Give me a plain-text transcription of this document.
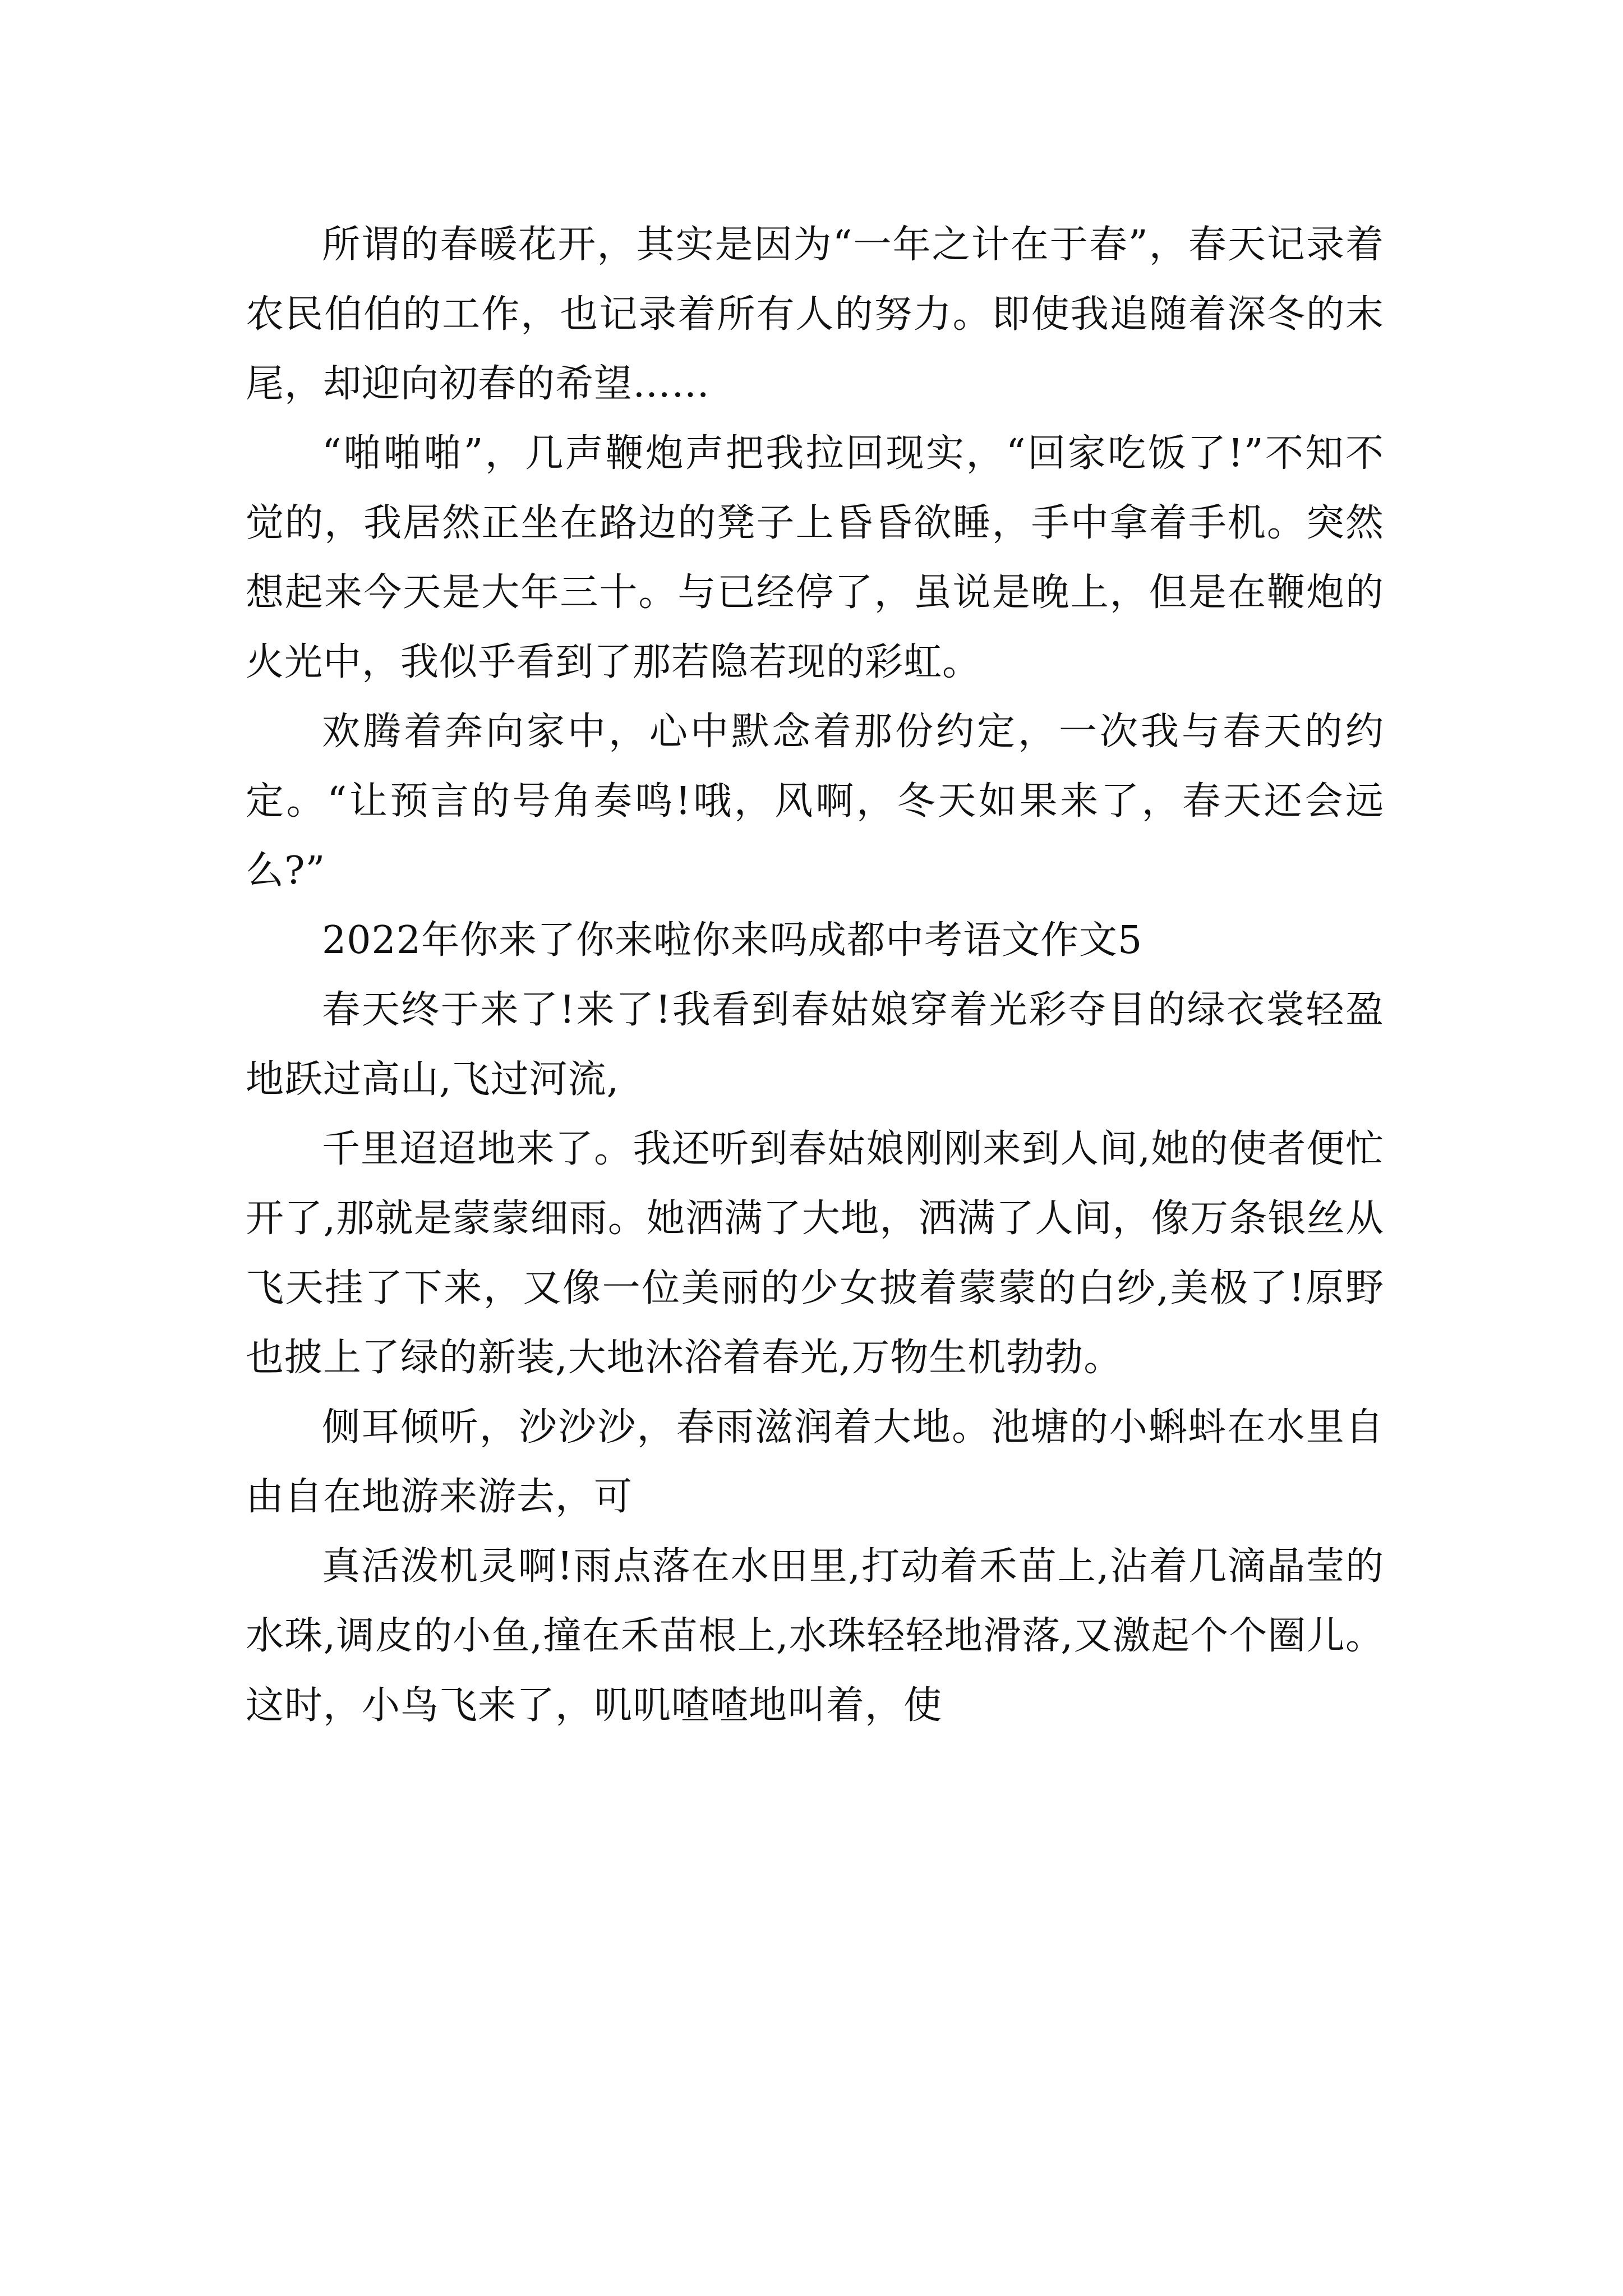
所谓的春暖花开，其实是因为“一年之计在于春”，春天记录着农民伯伯的工作，也记录着所有人的努力。即使我追随着深冬的末尾，却迎向初春的希望……

“啪啪啪”，几声鞭炮声把我拉回现实，“回家吃饭了!”不知不觉的，我居然正坐在路边的凳子上昏昏欲睡，手中拿着手机。突然想起来今天是大年三十。与已经停了，虽说是晚上，但是在鞭炮的火光中，我似乎看到了那若隐若现的彩虹。

欢腾着奔向家中，心中默念着那份约定，一次我与春天的约定。“让预言的号角奏鸣!哦，风啊，冬天如果来了，春天还会远么?”

2022年你来了你来啦你来吗成都中考语文作文5

春天终于来了!来了!我看到春姑娘穿着光彩夺目的绿衣裳轻盈地跃过高山,飞过河流,

千里迢迢地来了。我还听到春姑娘刚刚来到人间,她的使者便忙开了,那就是蒙蒙细雨。她洒满了大地，洒满了人间，像万条银丝从飞天挂了下来，又像一位美丽的少女披着蒙蒙的白纱,美极了!原野也披上了绿的新装,大地沐浴着春光,万物生机勃勃。

侧耳倾听，沙沙沙，春雨滋润着大地。池塘的小蝌蚪在水里自由自在地游来游去，可

真活泼机灵啊!雨点落在水田里,打动着禾苗上,沾着几滴晶莹的水珠,调皮的小鱼,撞在禾苗根上,水珠轻轻地滑落,又激起个个圈儿。这时，小鸟飞来了，叽叽喳喳地叫着，使
